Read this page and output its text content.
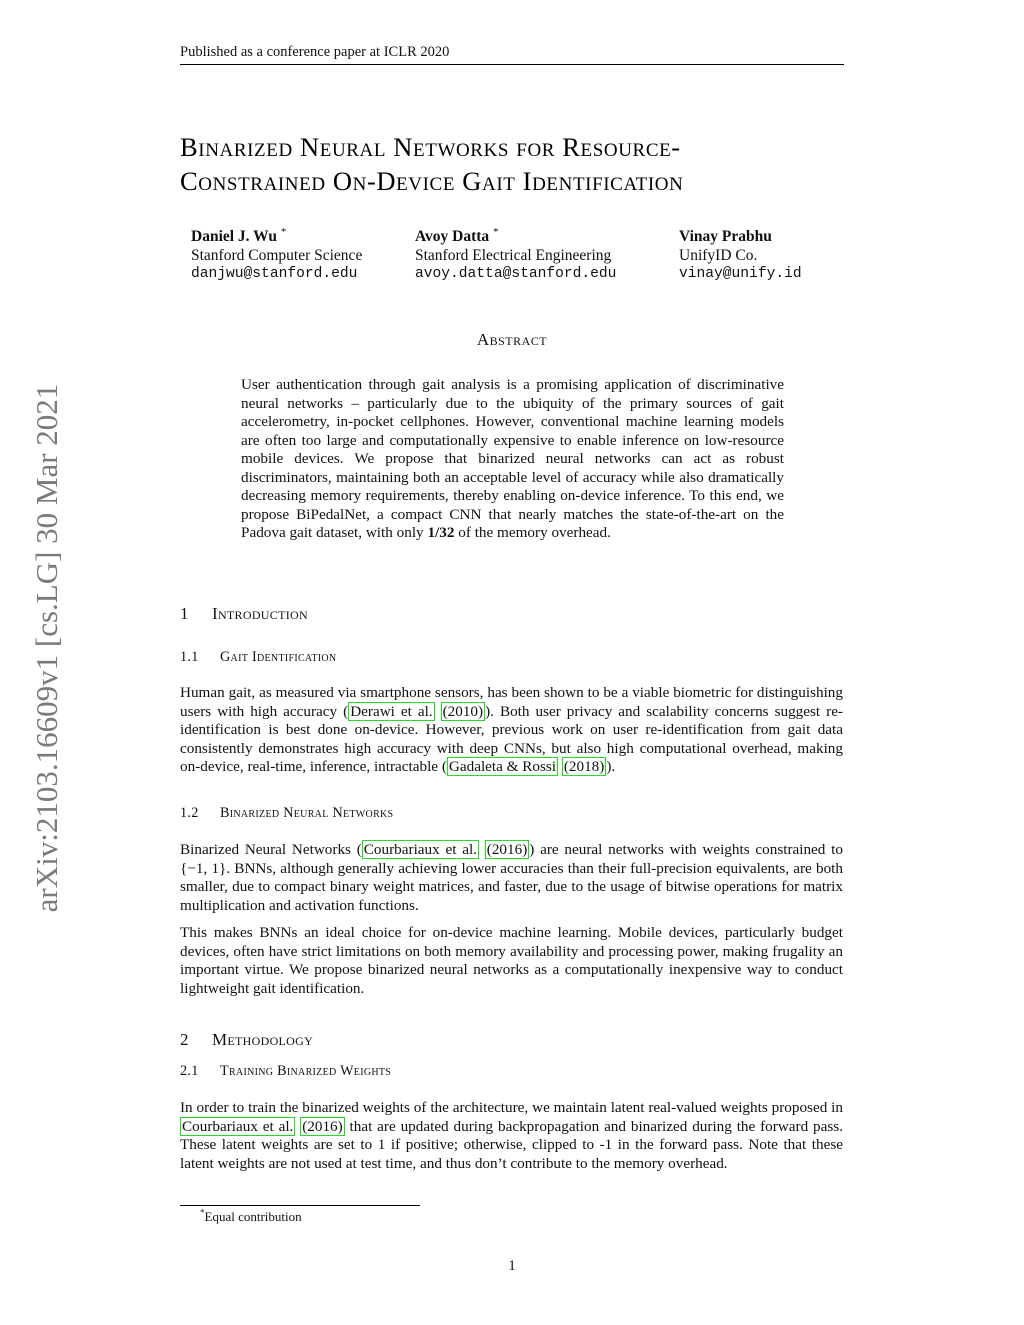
Published as a conference paper at ICLR 2020
arXiv:2103.16609v1 [cs.LG] 30 Mar 2021
Binarized Neural Networks for Resource-
Constrained On-Device Gait Identification
Daniel J. Wu *
Stanford Computer Science
danjwu@stanford.edu
Avoy Datta *
Stanford Electrical Engineering
avoy.datta@stanford.edu
Vinay Prabhu
UnifyID Co.
vinay@unify.id
Abstract

User authentication through gait analysis is a promising application of discriminative neural networks – particularly due to the ubiquity of the primary sources of gait accelerometry, in-pocket cellphones. However, conventional machine learning models are often too large and computationally expensive to enable inference on low-resource mobile devices. We propose that binarized neural networks can act as robust discriminators, maintaining both an acceptable level of accuracy while also dramatically decreasing memory requirements, thereby enabling on-device inference. To this end, we propose BiPedalNet, a compact CNN that nearly matches the state-of-the-art on the Padova gait dataset, with only 1/32 of the memory overhead.

1 Introduction
1.1 Gait Identification

Human gait, as measured via smartphone sensors, has been shown to be a viable biometric for distinguishing users with high accuracy ( Derawi et al. (2010) ). Both user privacy and scalability concerns suggest re-identification is best done on-device. However, previous work on user re-identification from gait data consistently demonstrates high accuracy with deep CNNs, but also high computational overhead, making on-device, real-time, inference, intractable ( Gadaleta & Rossi (2018) ).

1.2 Binarized Neural Networks

Binarized Neural Networks ( Courbariaux et al. (2016) ) are neural networks with weights constrained to {−1, 1}. BNNs, although generally achieving lower accuracies than their full-precision equivalents, are both smaller, due to compact binary weight matrices, and faster, due to the usage of bitwise operations for matrix multiplication and activation functions.

This makes BNNs an ideal choice for on-device machine learning. Mobile devices, particularly budget devices, often have strict limitations on both memory availability and processing power, making frugality an important virtue. We propose binarized neural networks as a computationally inexpensive way to conduct lightweight gait identification.

2 Methodology
2.1 Training Binarized Weights

In order to train the binarized weights of the architecture, we maintain latent real-valued weights proposed in Courbariaux et al. (2016) that are updated during backpropagation and binarized during the forward pass. These latent weights are set to 1 if positive; otherwise, clipped to -1 in the forward pass. Note that these latent weights are not used at test time, and thus don’t contribute to the memory overhead.

*Equal contribution
1
